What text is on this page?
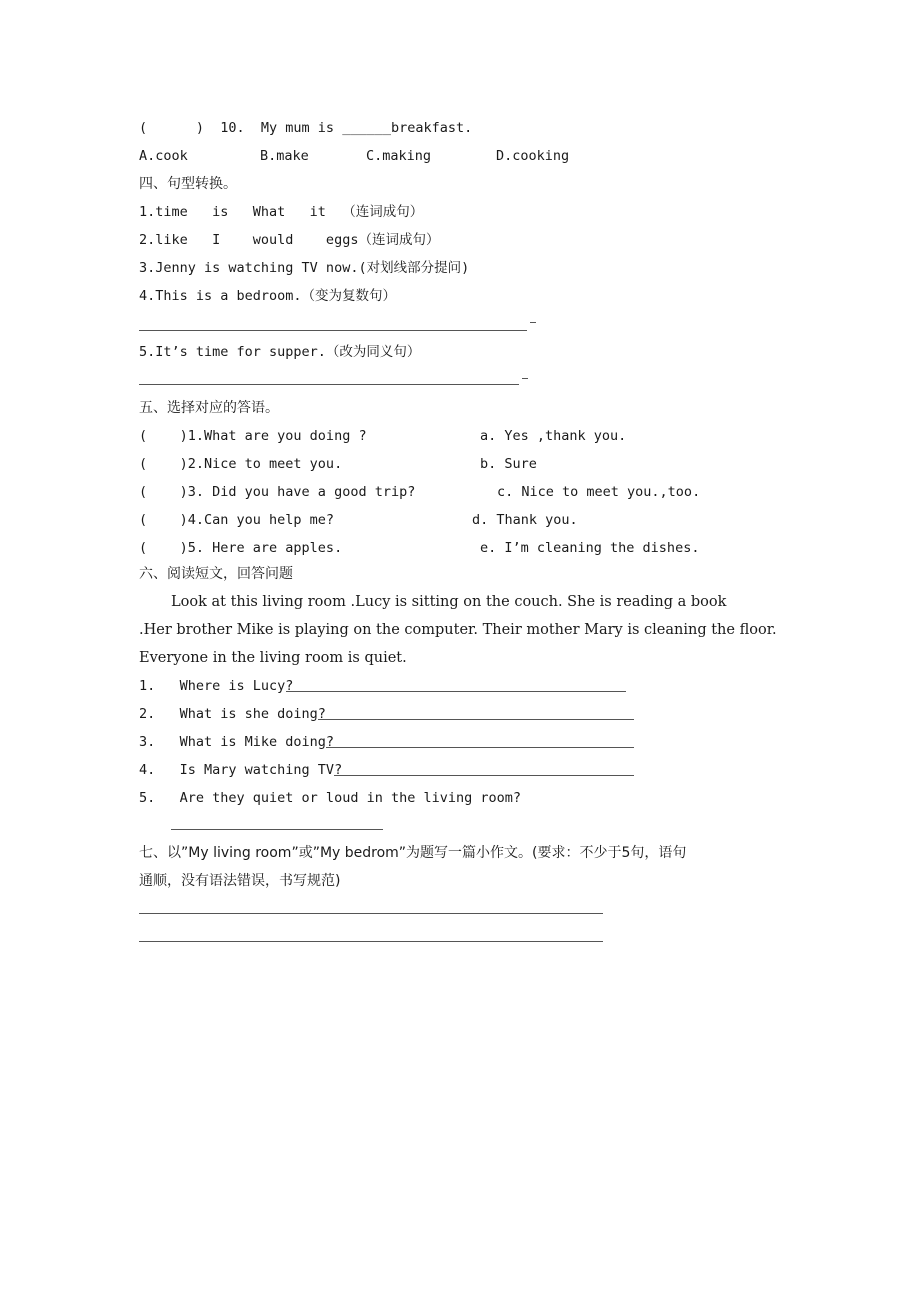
(      )  10.  My mum is ______breakfast.
A.cook	B.make	C.making	D.cooking
四、句型转换。
1.time   is   What   it  （连词成句）
2.like   I    would    eggs（连词成句）
3.Jenny is watching TV now.(对划线部分提问)
4.This is a bedroom.（变为复数句）
5.It’s time for supper.（改为同义句）
五、选择对应的答语。
(    )1.What are you doing ?	a. Yes ,thank you.
(    )2.Nice to meet you.	b. Sure
(    )3. Did you have a good trip?	c. Nice to meet you.,too.
(    )4.Can you help me?	d. Thank you.
(    )5. Here are apples.	e. I’m cleaning the dishes.
六、阅读短文，回答问题
Look at this living room .Lucy is sitting on the couch. She is reading a book
.Her brother Mike is playing on the computer. Their mother Mary is cleaning the floor.
Everyone in the living room is quiet.
1.   Where is Lucy?
2.   What is she doing?
3.   What is Mike doing?
4.   Is Mary watching TV?
5.   Are they quiet or loud in the living room?
七、以”My living room”或”My bedrom”为题写一篇小作文。(要求：不少于5句，语句
通顺，没有语法错误，书写规范)
